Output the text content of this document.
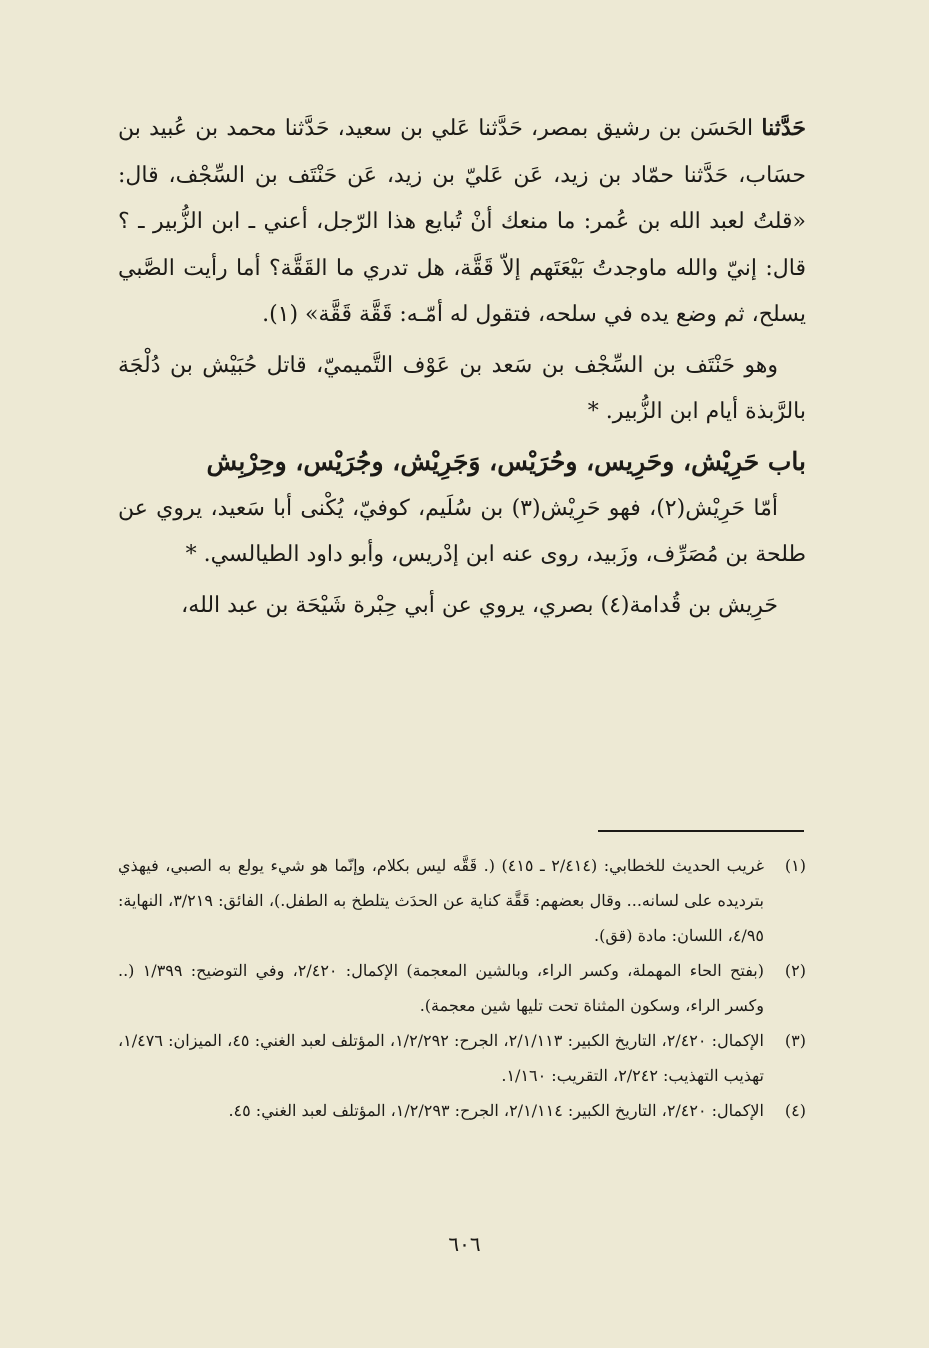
حَدَّثنا الحَسَن بن رشيق بمصر، حَدَّثنا عَلي بن سعيد، حَدَّثنا محمد بن عُبيد بن حسَاب، حَدَّثنا حمّاد بن زيد، عَن عَليّ بن زيد، عَن حَنْتَف بن السِّجْف، قال: «قلتُ لعبد الله بن عُمر: ما منعك أنْ تُبايع هذا الرّجل، أعني ـ ابن الزُّبير ـ ؟ قال: إنيّ والله ماوجدتُ بَيْعَتَهم إلاّ قَقَّة، هل تدري ما القَقَّة؟ أما رأيت الصَّبي يسلح، ثم وضع يده في سلحه، فتقول له أمّـه: قَقَّة قَقَّة» (١).

وهو حَنْتَف بن السِّجْف بن سَعد بن عَوْف التَّميميّ، قاتل حُبَيْش بن دُلْجَة بالرَّبذة أيام ابن الزُّبير. *

باب حَرِيْش، وحَرِيس، وحُرَيْس، وَجَرِيْش، وجُرَيْس، وحِرْبِش

أمّا حَرِيْش(٢)، فهو حَرِيْش(٣) بن سُلَيم، كوفيّ، يُكْنى أبا سَعيد، يروي عن طلحة بن مُصَرِّف، وزَبيد، روى عنه ابن إدْريس، وأبو داود الطيالسي. *

حَرِيش بن قُدامة(٤) بصري، يروي عن أبي حِبْرة شَيْحَة بن عبد الله،

(١)
غريب الحديث للخطابي: (٢/٤١٤ ـ ٤١٥) (. قَقَّه ليس بكلام، وإنّما هو شيء يولع به الصبي، فيهذي بترديده على لسانه... وقال بعضهم: قَقَّة كناية عن الحدَث يتلطخ به الطفل.)، الفائق: ٣/٢١٩، النهاية: ٤/٩٥، اللسان: مادة (قق).
(٢)
(بفتح الحاء المهملة، وكسر الراء، وبالشين المعجمة) الإكمال: ٢/٤٢٠، وفي التوضيح: ١/٣٩٩ (.. وكسر الراء، وسكون المثناة تحت تليها شين معجمة).
(٣)
الإكمال: ٢/٤٢٠، التاريخ الكبير: ٢/١/١١٣، الجرح: ١/٢/٢٩٢، المؤتلف لعبد الغني: ٤٥، الميزان: ١/٤٧٦، تهذيب التهذيب: ٢/٢٤٢، التقريب: ١/١٦٠.
(٤)
الإكمال: ٢/٤٢٠، التاريخ الكبير: ٢/١/١١٤، الجرح: ١/٢/٢٩٣، المؤتلف لعبد الغني: ٤٥.
٦٠٦
